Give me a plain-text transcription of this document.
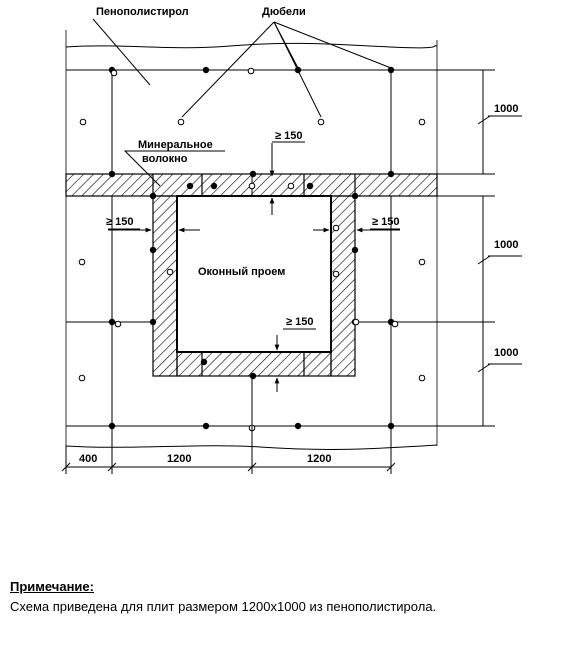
Оконный проем
Пенополистирол	Дюбели
Минеральное
волокно
≥ 150
≥ 150	≥ 150
≥ 150
1000
1000
1000
400	1200	1200
Примечание:
Схема приведена для плит размером 1200х1000 из пенополистирола.
